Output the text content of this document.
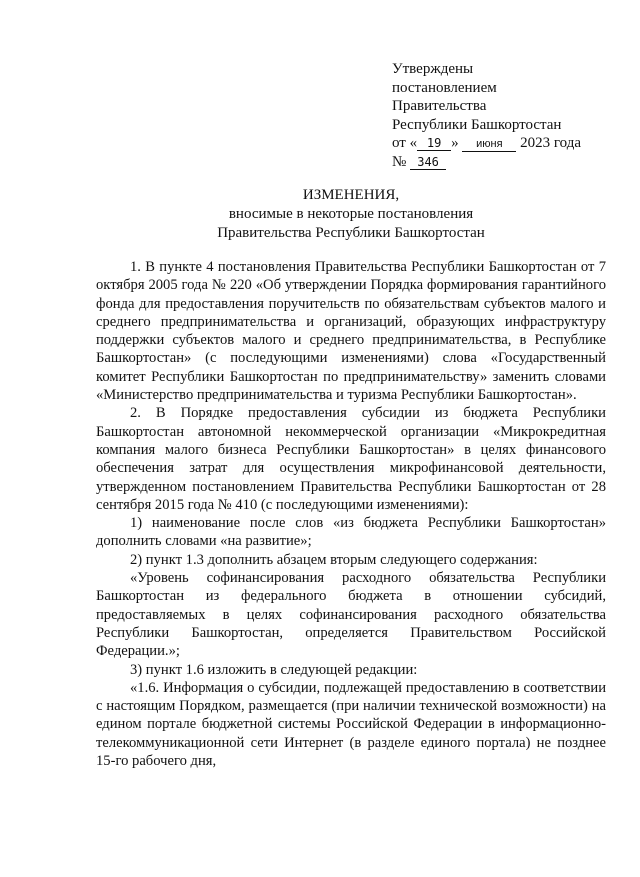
Утверждены
постановлением
Правительства
Республики Башкортостан
от « 19 » июня 2023 года
№ 346
ИЗМЕНЕНИЯ,
вносимые в некоторые постановления
Правительства Республики Башкортостан

1. В пункте 4 постановления Правительства Республики Башкортостан от 7 октября 2005 года № 220 «Об утверждении Порядка формирования гарантийного фонда для предоставления поручительств по обязательствам субъектов малого и среднего предпринимательства и организаций, образующих инфраструктуру поддержки субъектов малого и среднего предпринимательства, в Республике Башкортостан» (с последующими изменениями) слова «Государственный комитет Республики Башкортостан по предпринимательству» заменить словами «Министерство предпринимательства и туризма Республики Башкортостан».

2. В Порядке предоставления субсидии из бюджета Республики Башкортостан автономной некоммерческой организации «Микрокредитная компания малого бизнеса Республики Башкортостан» в целях финансового обеспечения затрат для осуществления микрофинансовой деятельности, утвержденном постановлением Правительства Республики Башкортостан от 28 сентября 2015 года № 410 (с последующими изменениями):

1) наименование после слов «из бюджета Республики Башкортостан» дополнить словами «на развитие»;

2) пункт 1.3 дополнить абзацем вторым следующего содержания:

«Уровень софинансирования расходного обязательства Республики Башкортостан из федерального бюджета в отношении субсидий, предоставляемых в целях софинансирования расходного обязательства Республики Башкортостан, определяется Правительством Российской Федерации.»;

3) пункт 1.6 изложить в следующей редакции:

«1.6. Информация о субсидии, подлежащей предоставлению в соответствии с настоящим Порядком, размещается (при наличии технической возможности) на едином портале бюджетной системы Российской Федерации в информационно-телекоммуникационной сети Интернет (в разделе единого портала) не позднее 15-го рабочего дня,
